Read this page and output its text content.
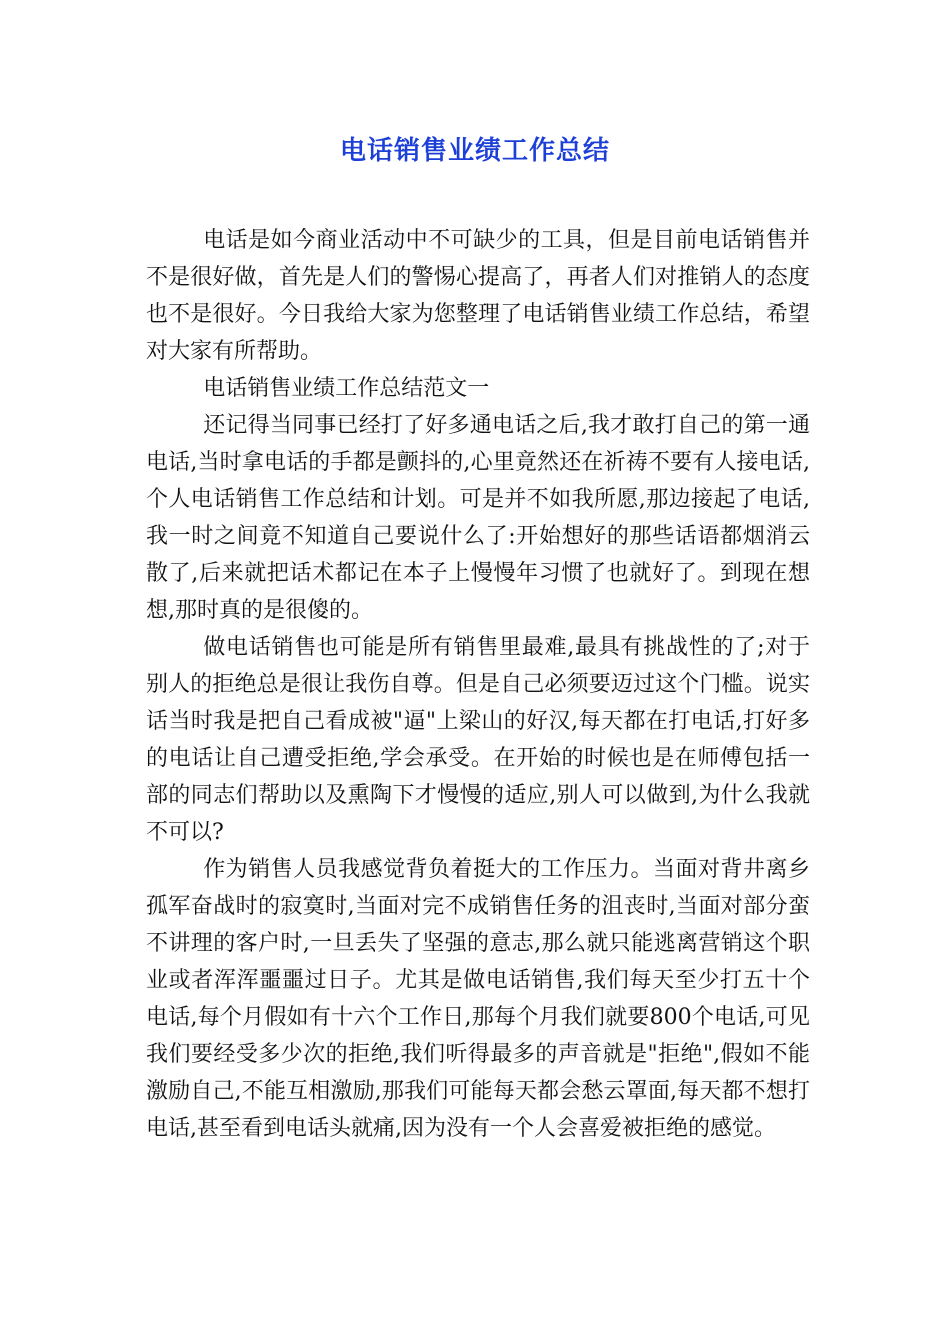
电话销售业绩工作总结

电话是如今商业活动中不可缺少的工具，但是目前电话销售并不是很好做，首先是人们的警惕心提高了，再者人们对推销人的态度也不是很好。今日我给大家为您整理了电话销售业绩工作总结，希望对大家有所帮助。

电话销售业绩工作总结范文一

还记得当同事已经打了好多通电话之后,我才敢打自己的第一通电话,当时拿电话的手都是颤抖的,心里竟然还在祈祷不要有人接电话,个人电话销售工作总结和计划。可是并不如我所愿,那边接起了电话,我一时之间竟不知道自己要说什么了:开始想好的那些话语都烟消云散了,后来就把话术都记在本子上慢慢年习惯了也就好了。到现在想想,那时真的是很傻的。

做电话销售也可能是所有销售里最难,最具有挑战性的了;对于别人的拒绝总是很让我伤自尊。但是自己必须要迈过这个门槛。说实话当时我是把自己看成被"逼"上梁山的好汉,每天都在打电话,打好多的电话让自己遭受拒绝,学会承受。在开始的时候也是在师傅包括一部的同志们帮助以及熏陶下才慢慢的适应,别人可以做到,为什么我就不可以?

作为销售人员我感觉背负着挺大的工作压力。当面对背井离乡孤军奋战时的寂寞时,当面对完不成销售任务的沮丧时,当面对部分蛮不讲理的客户时,一旦丢失了坚强的意志,那么就只能逃离营销这个职业或者浑浑噩噩过日子。尤其是做电话销售,我们每天至少打五十个电话,每个月假如有十六个工作日,那每个月我们就要800个电话,可见我们要经受多少次的拒绝,我们听得最多的声音就是"拒绝",假如不能激励自己,不能互相激励,那我们可能每天都会愁云罩面,每天都不想打电话,甚至看到电话头就痛,因为没有一个人会喜爱被拒绝的感觉。
